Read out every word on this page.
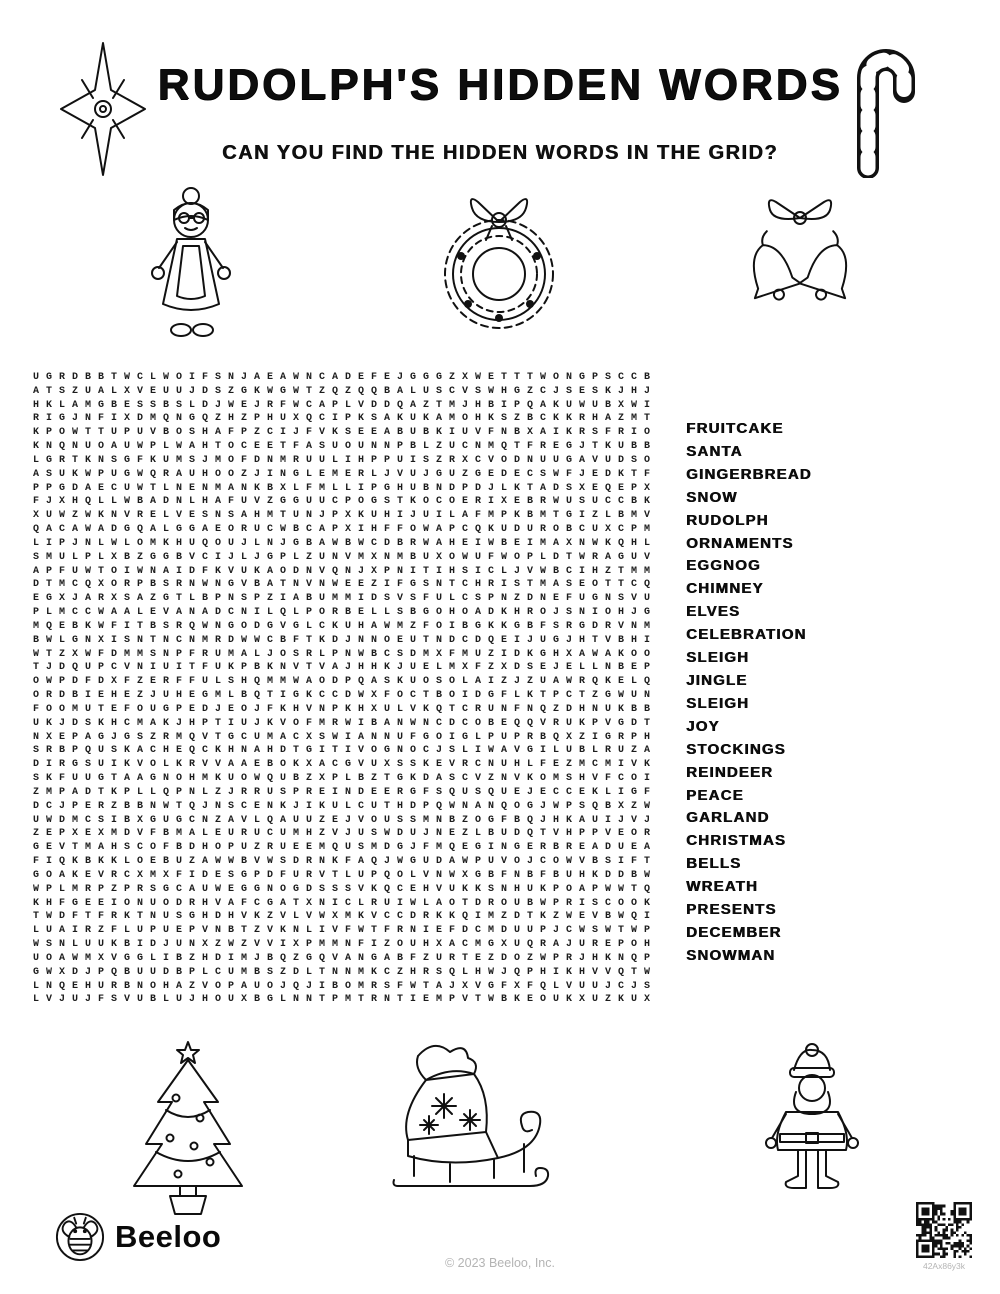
RUDOLPH'S HIDDEN WORDS
CAN YOU FIND THE HIDDEN WORDS IN THE GRID?
UGRDBBTWCLWOIFSNJAEAWNCADEFEJGGGZXWETTTWONGPSCCB
ATSZUALXVEUUJDSZGKWGWTZQZQQBALUSCVSWHGZCJSESKJHJ
HKLAMGBESSBSLDJWEJRFWCAPLVDDQAZTMJHBIPQAKUWUBXWI
RIGJNFIXDMQNGQZHZPHUXQCIPKSAKUKAMOHKSZBCKKRHAZMT
KPOWTTUPUVBOSHAFPZCIJFVKSEEABUBKIUVFNBXAIKRSFRIO
KNQNUOAUWPLWAHTOCEETFASUOUNNPBLZUCNMQTFREGJTKUBB
LGRTKNSGFKUMSJMOFDNMRUULIHPPUISZRXCVODNUUGAVUDSO
ASUKWPUGWQRAUHOOZJINGLEMERLJVUJGUZGEDECSWFJEDKTF
PPGDAECUWTLNENMANKBXLFMLLIPGHUBNDPDJLKTADSXEQEPX
FJXHQLLWBADNLHAFUVZGGUUCPOGSTKOCOERIXEBRWUSUCCBK
XUWZWKNVRELVESNSAHMTUNJPXKUHIJUILAFMPKBMTGIZLBMV
QACAWADGQALGGAEORUCWBCAPXIHFFOWAPCQKUDUROBCUXCPM
LIPJNLWLOMKHUQOUJLNJGBAWBWCDBRWAHEIWBEIMAXNWKQHL
SMULPLXBZGGBVCIJLJGPLZUNVMXNMBUXOWUFWOPLDTWRAGUV
APFUWTOIWNAIDFKVUKAODNVQNJXPNITIHSICLJVWBCIHZTMM
DTMCQXORPBSRNWNGVBATNVNWEEZIFGSNTCHRISTMASEOTTCQ
EGXJARXSAZGTLBPNSPZIABUMMIDSVSFULCSPNZDNEFUGNSVU
PLMCCWAALEVANADCNILQLPORBELLSBGOHOADKHROJSNIOHJG
MQEBKWFITBSRQWNGODGVGLCKUHAWMZFOIBGKKGBFSRGDRVNM
BWLGNXISNTNCNMRDWWCBFTKDJNNOEUTNDCDQEIJUGJHTVBHI
WTZXWFDMMSNPFRUMALJOSRLPNWBCSDMXFMUZIDKGHXAWAKOO
TJDQUPCVNIUITFUKPBKNVTVAJHHKJUELMXFZXDSEJELLNBEP
OWPDFDXFZERFFULSHQMMWAODPQASKUOSOLAIZJZUAWRQKELQ
ORDBIEHEZJUHEGMLBQTIGKCCDWXFOCTBOIDGFLKTPCTZGWUN
FOOMUTEFOUGPEDJEOJFKHVNPKHXULVKQTCRUNFNQZDHNUKBB
UKJDSKHCMAKJHPTIUJKVOFMRWIBANWNCDCOBEQQVRUKPVGDT
NXEPAGJGSZRMQVTGCUMACXSWIANNUFGOIGLPUPRBQXZIGRPH
SRBPQUSKACHEQCKHNAHDTGITIVOGNOCJSLIWAVGILUBLRUZA
DIRGSUIKVOLKRVVAAEBOKXACGVUXSSKEVRCNUHLFEZMCMIVK
SKFUUGTAAGNOHMKUOWQUBZXPLBZTGKDASCVZNVKOMSHVFCOI
ZMPADTKPLLQPNLZJRRUSPREINDEERGFSQUSQUEJECCEKLIGF
DCJPERZBBNWTQJNSCENKJIKULCUTHDPQWNANQOGJWPSQBXZW
UWDMCSIBXGUGCNZAVLQAUUZEJVOUSSMNBZOGFBQJHKAUIJVJ
ZEPXEXMDVFBMALEURUCUMHZVJUSWDUJNEZLBUDQTVHPPVEOR
GEVTMAHSCOFBDHOPUZRUEEMQUSMDGJFMQEGINGERBREADUEA
FIQKBKKLOEBUZAWWBVWSDRNKFAQJWGUDAWPUVOJCOWVBSIFT
GOAKEVRCXMXFIDESGPDFURVTLUPQOLVNWXGBFNBFBUHKDDBW
WPLMRPZPRSGCAUWEGGNOGDSSSVKQCEHVUKKSNHUKPOAPWWTQ
KHFGEEIONUODRHVAFCGATXNICLRUIWLAOTDROUBWPRISCOOK
TWDFTFRKTNUSGHDHVKZVLVWXMKVCCDRKKQIMZDTKZWEVBWQI
LUAIRZFLUPUEPVNBTZVKNLIVFWTFRNIEFDCMDUUPJCWSWTWP
WSNLUUKBIDJUNXZWZVVIXPMMNFIZOUHXACMGXUQRAJUREPOH
UOAWMXVGGLIBZHDIMJBQZGQVANGABFZURTEZDOZWPRJHKNQP
GWXDJPQBUUDBPLCUMBSZDLTNNMKCZHRSQLHWJQPHIKHVVQTW
LNQEHURBNOHAZVOPAUOJQJIBOMRSFWTAJXVGFXFQLVUUJCJS
LVJUJFSVUBLUJHOUXBGLNNTPMTRNTIEMPVTWBKEOUKXUZKUX
FRUITCAKE
SANTA
GINGERBREAD
SNOW
RUDOLPH
ORNAMENTS
EGGNOG
CHIMNEY
ELVES
CELEBRATION
SLEIGH
JINGLE
SLEIGH
JOY
STOCKINGS
REINDEER
PEACE
GARLAND
CHRISTMAS
BELLS
WREATH
PRESENTS
DECEMBER
SNOWMAN
Beeloo
© 2023 Beeloo, Inc.	42Ax86y3k
